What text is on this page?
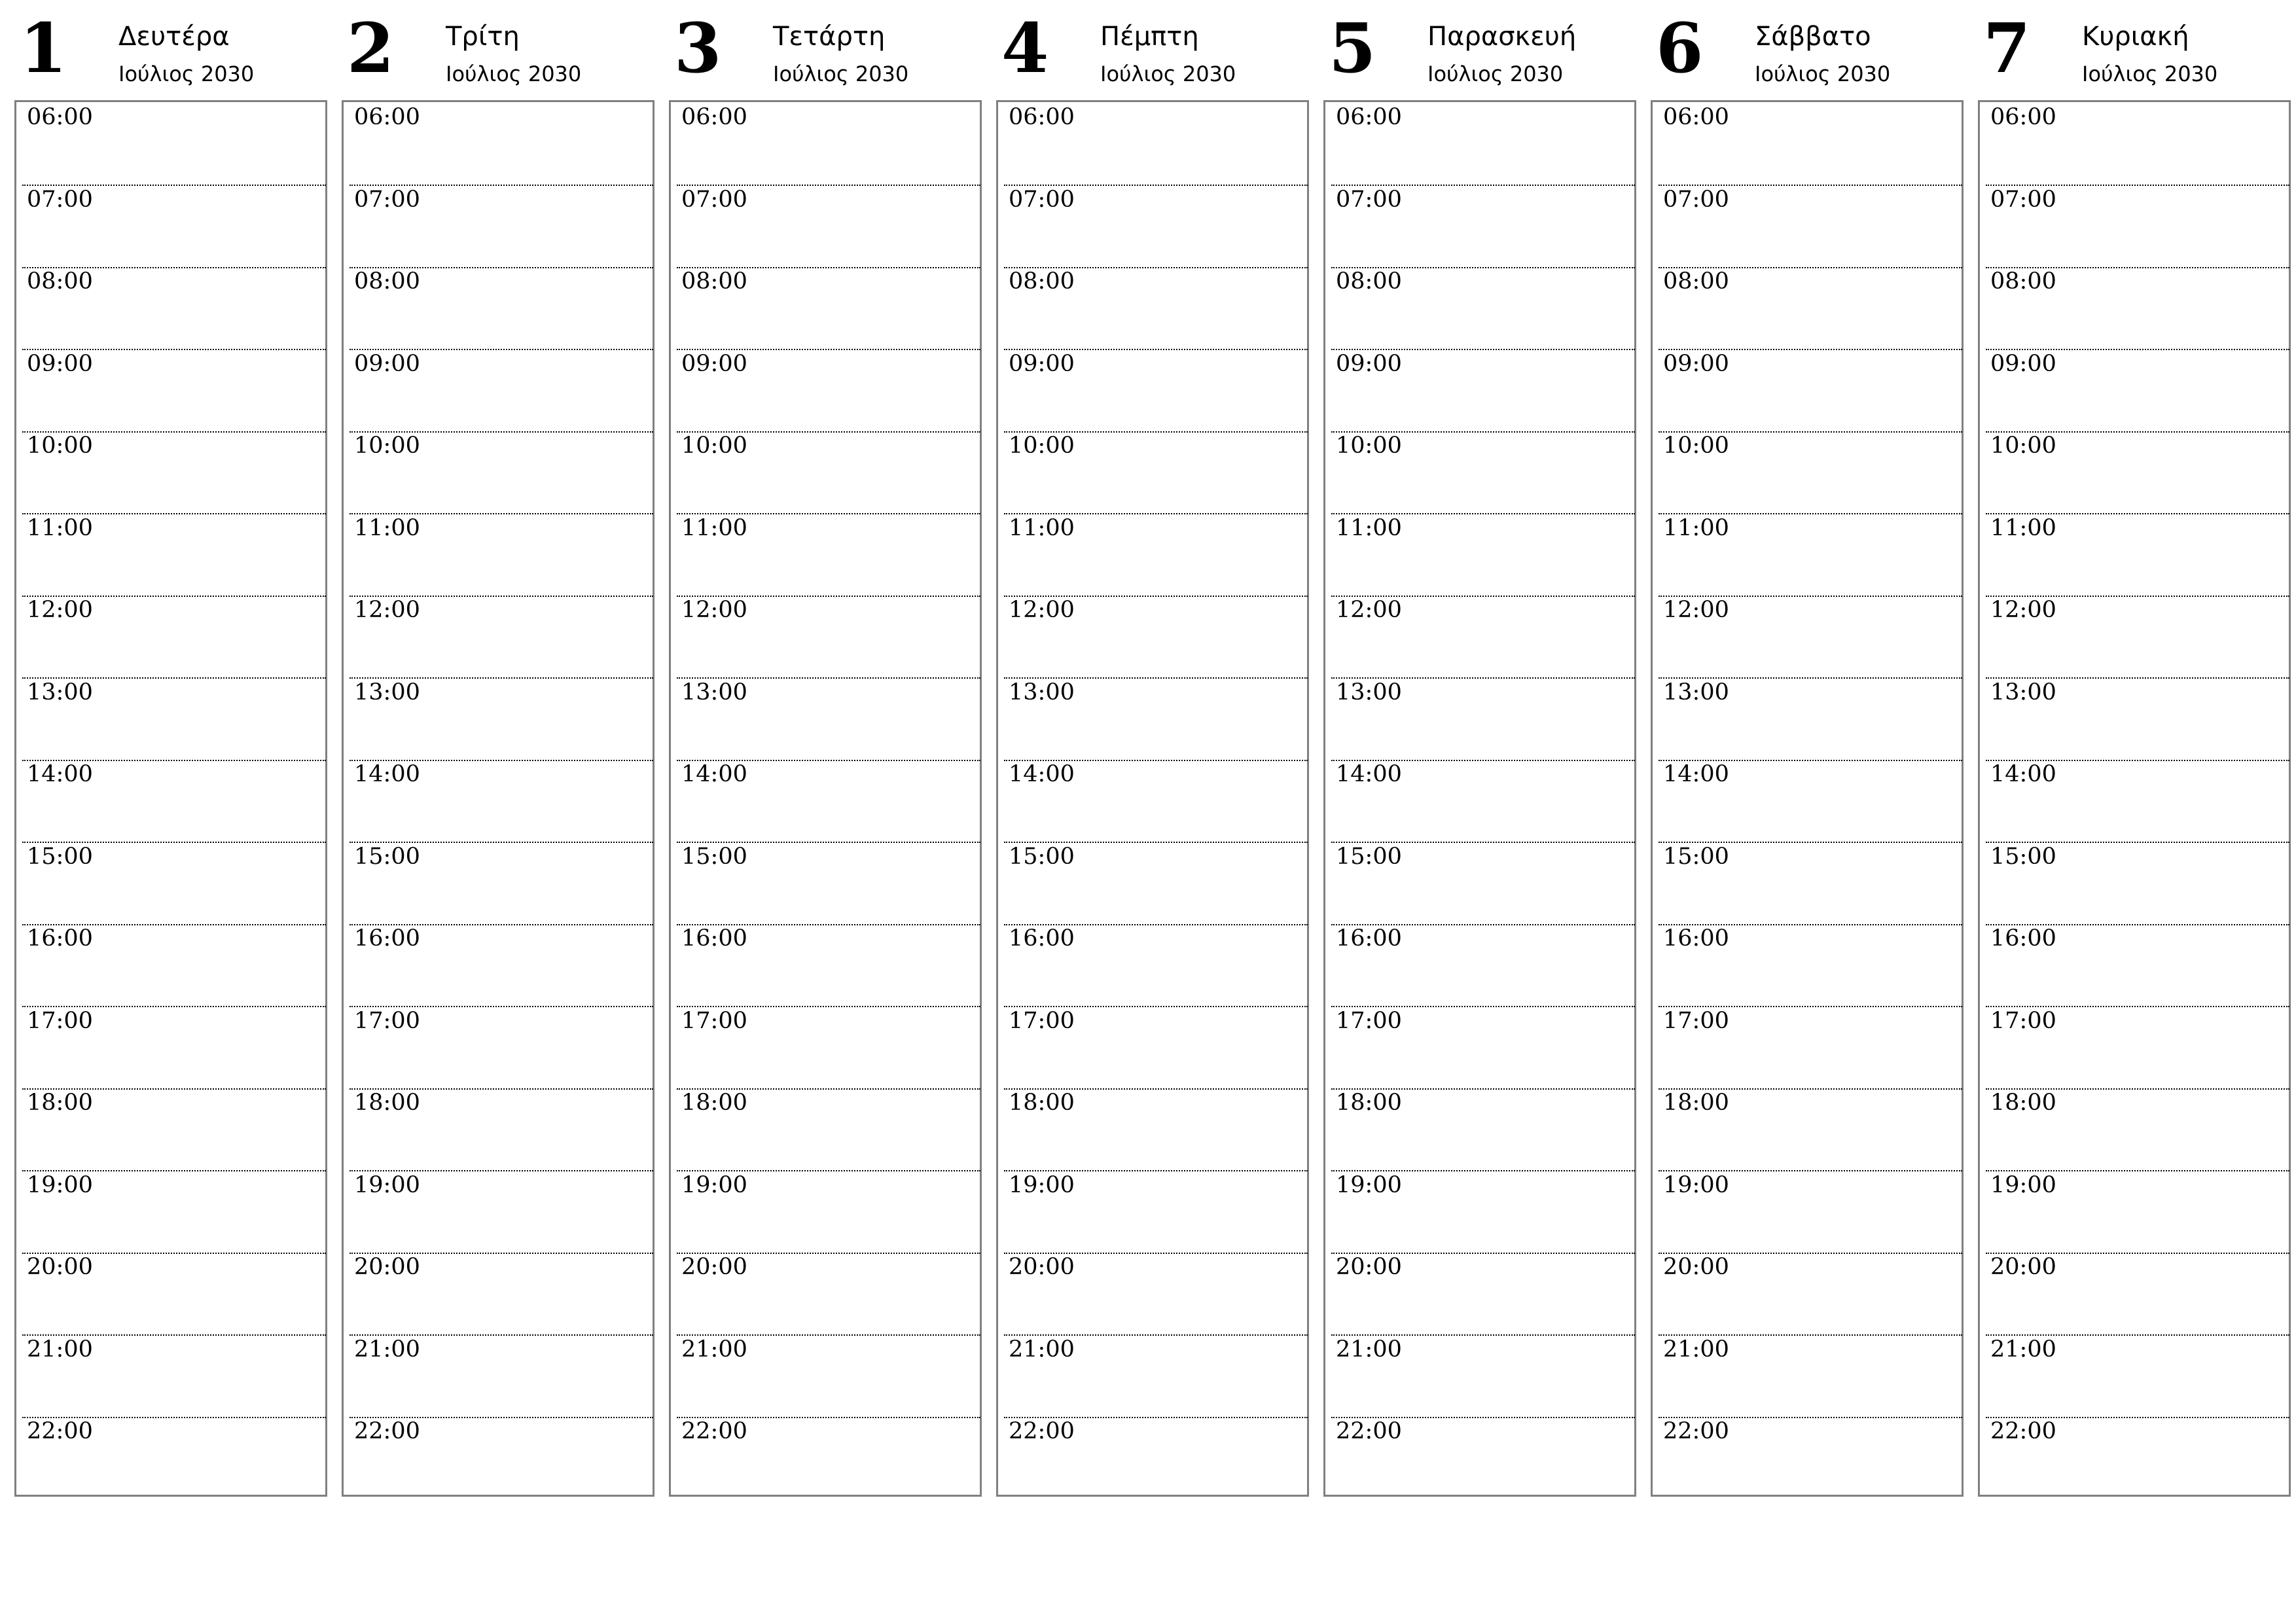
1 Δευτέρα
Ιούλιος 2030
06:00
07:00
08:00
09:00
10:00
11:00
12:00
13:00
14:00
15:00
16:00
17:00
18:00
19:00
20:00
21:00
22:00
2 Τρίτη
Ιούλιος 2030
06:00
07:00
08:00
09:00
10:00
11:00
12:00
13:00
14:00
15:00
16:00
17:00
18:00
19:00
20:00
21:00
22:00
3 Τετάρτη
Ιούλιος 2030
06:00
07:00
08:00
09:00
10:00
11:00
12:00
13:00
14:00
15:00
16:00
17:00
18:00
19:00
20:00
21:00
22:00
4 Πέμπτη
Ιούλιος 2030
06:00
07:00
08:00
09:00
10:00
11:00
12:00
13:00
14:00
15:00
16:00
17:00
18:00
19:00
20:00
21:00
22:00
5 Παρασκευή
Ιούλιος 2030
06:00
07:00
08:00
09:00
10:00
11:00
12:00
13:00
14:00
15:00
16:00
17:00
18:00
19:00
20:00
21:00
22:00
6 Σάββατο
Ιούλιος 2030
06:00
07:00
08:00
09:00
10:00
11:00
12:00
13:00
14:00
15:00
16:00
17:00
18:00
19:00
20:00
21:00
22:00
7 Κυριακή
Ιούλιος 2030
06:00
07:00
08:00
09:00
10:00
11:00
12:00
13:00
14:00
15:00
16:00
17:00
18:00
19:00
20:00
21:00
22:00
